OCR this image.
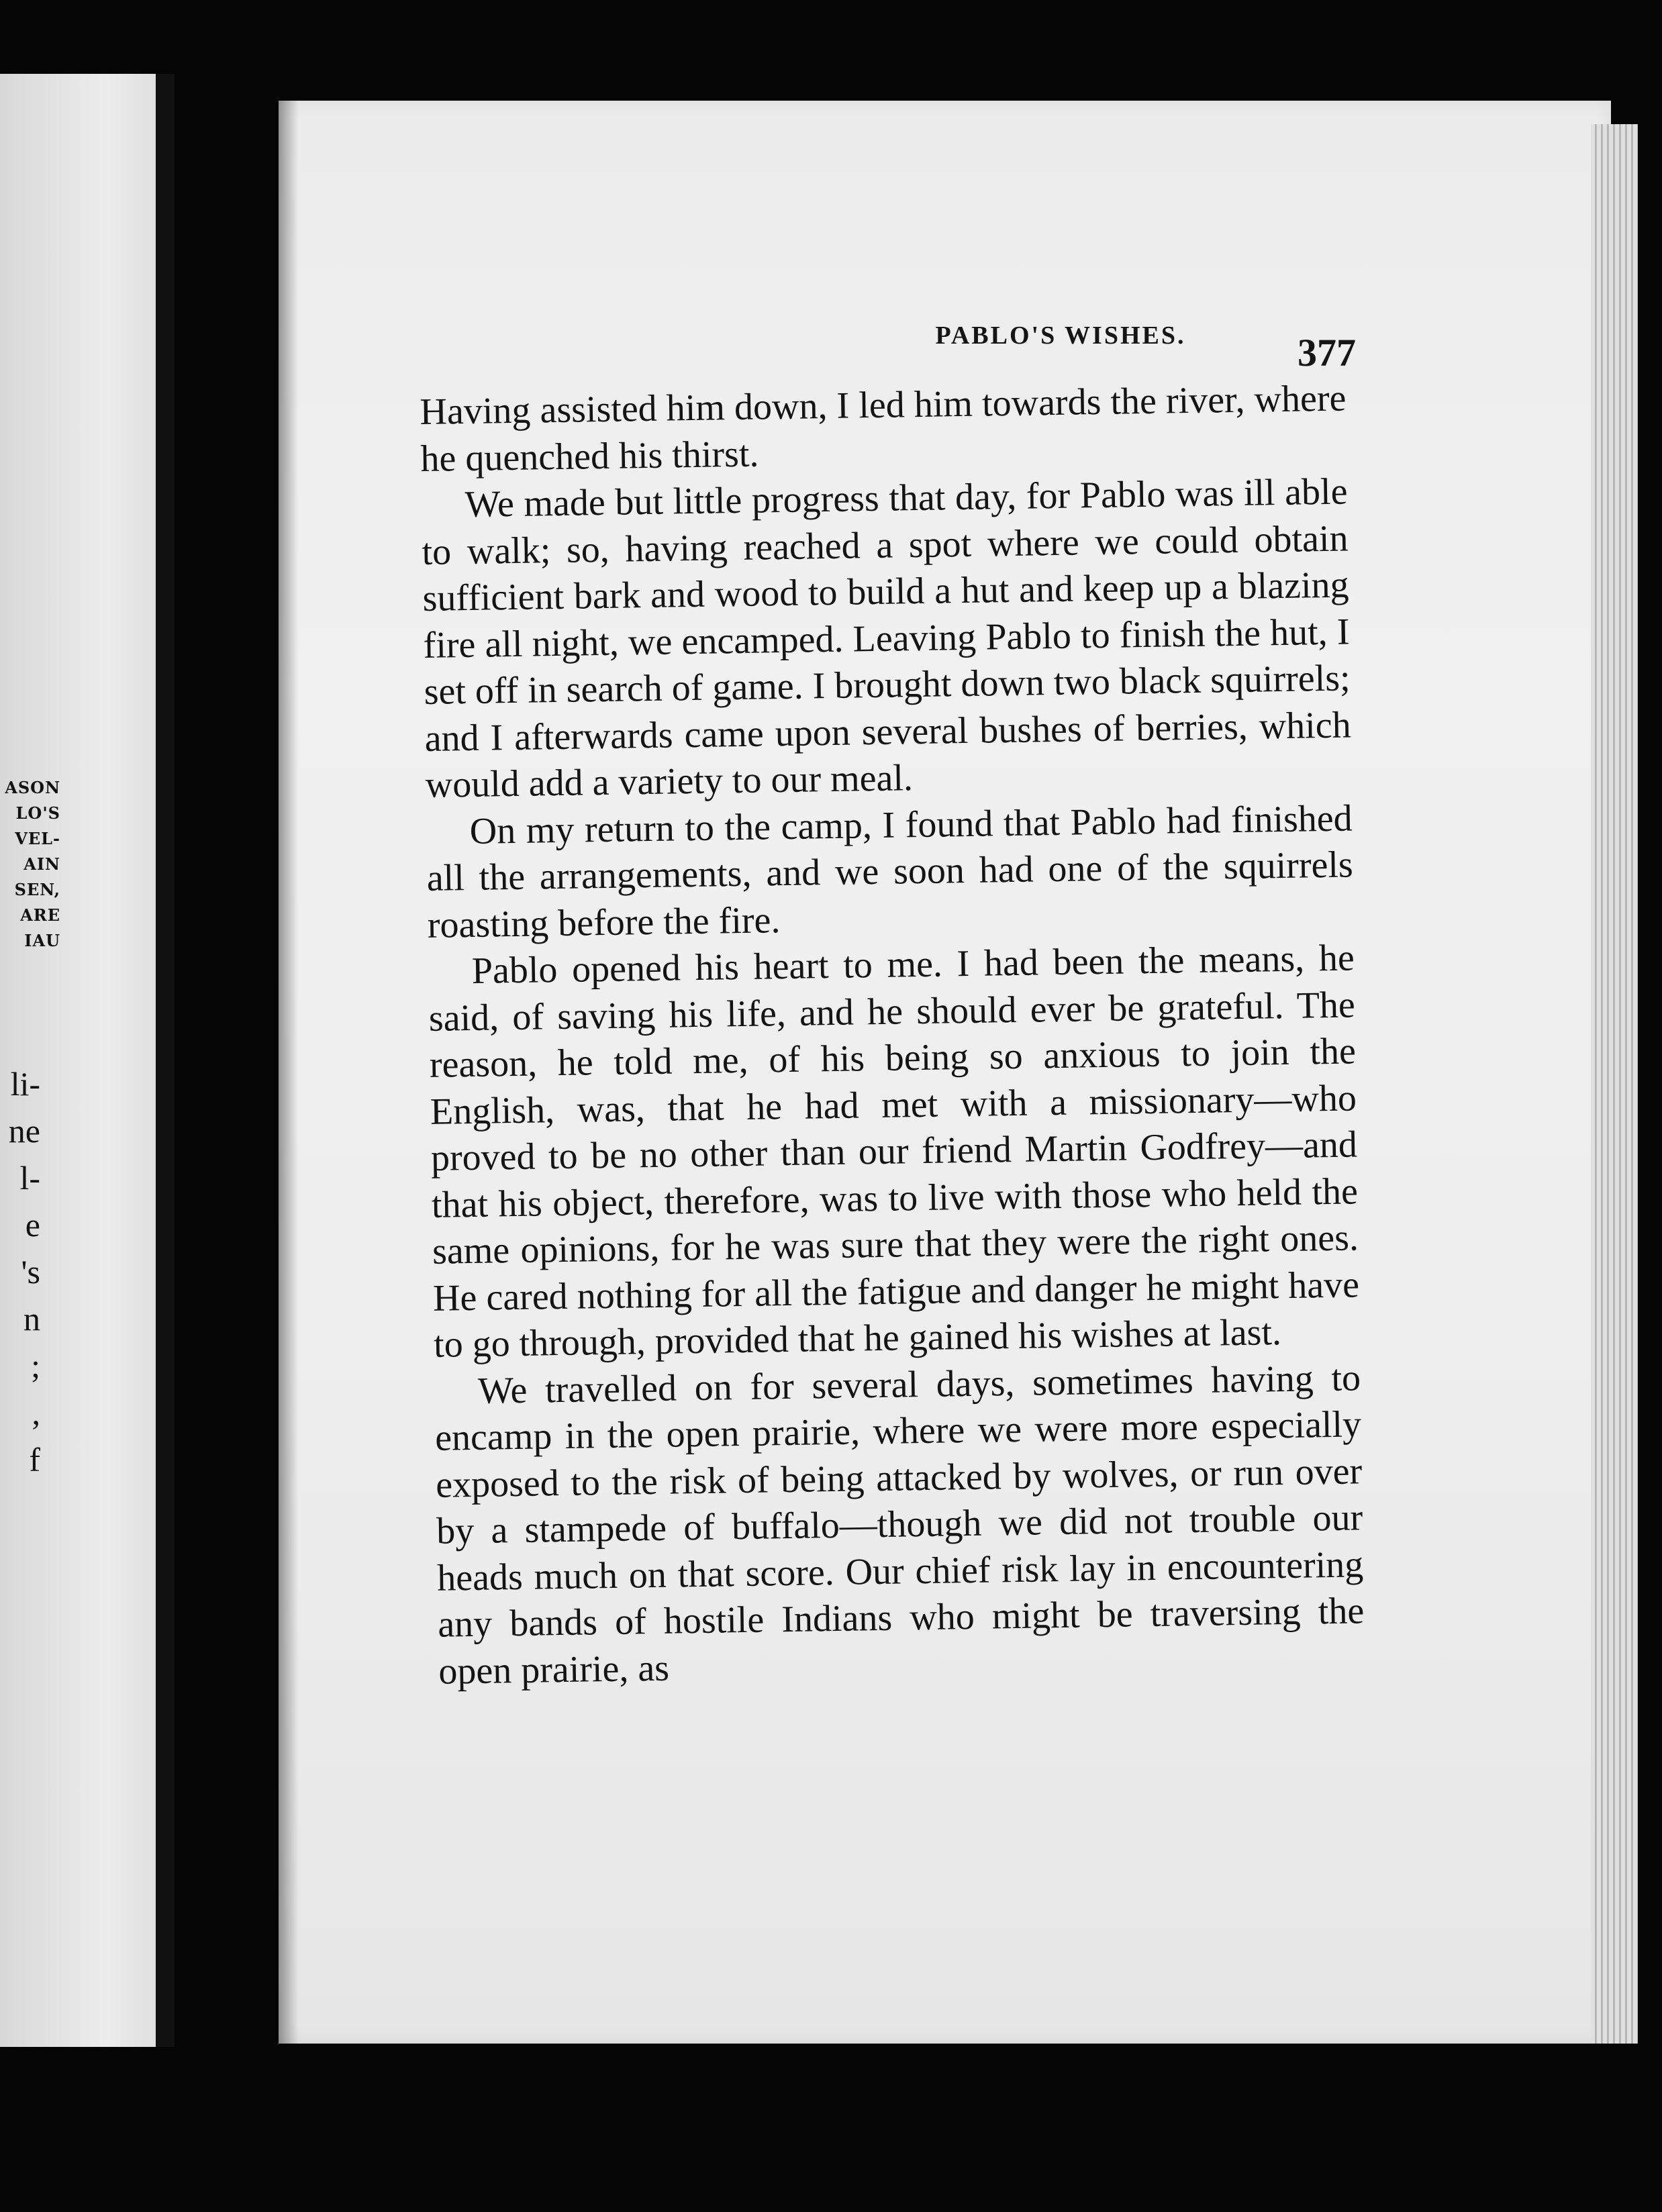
ASON
LO'S
VEL-
AIN
SEN,
ARE
IAU
li-
ne
l-
e
's
n
;
,
f
PABLO'S WISHES.	377

Having assisted him down, I led him towards the river, where he quenched his thirst.

We made but little progress that day, for Pablo was ill able to walk; so, having reached a spot where we could obtain sufficient bark and wood to build a hut and keep up a blazing fire all night, we encamped. Leaving Pablo to finish the hut, I set off in search of game. I brought down two black squirrels; and I afterwards came upon several bushes of berries, which would add a variety to our meal.

On my return to the camp, I found that Pablo had finished all the arrangements, and we soon had one of the squirrels roasting before the fire.

Pablo opened his heart to me. I had been the means, he said, of saving his life, and he should ever be grateful. The reason, he told me, of his being so anxious to join the English, was, that he had met with a missionary—who proved to be no other than our friend Martin Godfrey—and that his object, therefore, was to live with those who held the same opinions, for he was sure that they were the right ones. He cared nothing for all the fatigue and danger he might have to go through, provided that he gained his wishes at last.

We travelled on for several days, sometimes having to encamp in the open prairie, where we were more especially exposed to the risk of being attacked by wolves, or run over by a stampede of buffalo—though we did not trouble our heads much on that score. Our chief risk lay in encountering any bands of hostile Indians who might be traversing the open prairie, as
